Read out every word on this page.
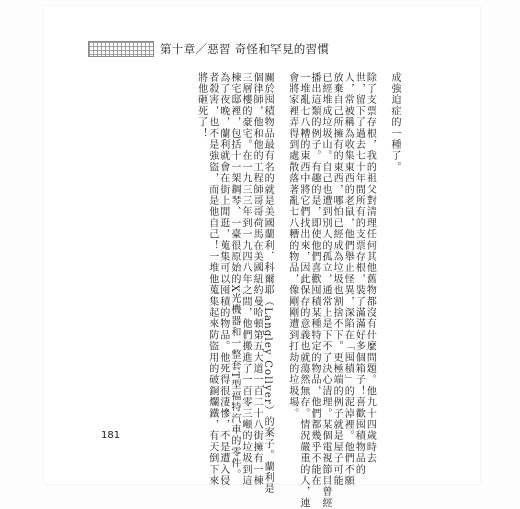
第十章／惡習 奇怪和罕見的習慣
成強迫症的一種了。
除了支票存根，我的祖父對清理任何其他舊物都沒有什麼問題。他九十四歲時去
世，留下了過去七十年間所有的支票存根，裝了滿滿好多個箱子！喜歡囤積物品的
人，常被稱為收集東西的老鼠，他們舉止怪異，深陷在「囤積」的泥淖裡。他們不願
放棄自己所擁有的東西，哪怕已經成為垃圾也割捨不下。更極端的例子就是屋子可能
已經堆成垃圾山。自己也遭到別人的孤立，通常上是下不了決心清理。某個電視節目曾經
播出這類的例子。有趣的是，即使他們喜歡囤積某種特定的物品，他們都幾乎不能在
一堆亂七八糟的東西中將它們找出來，因此保存的意義也就蕩然無存。情況嚴重的人，連
會將家裡弄得到處散落著亂七八糟的物品，像剛剛遭到打劫的垃圾場。
關於囤積物品最有名的就是美國蘭利．科爾耶（Langley Collyer）的案子。蘭利是
個律師，他和他的工程師哥哥荷馬在美國紐約曼哈頓第五大道一百二十八街擁有一棟
三層樓的豪宅。在一九三三年到一九四八年之間，他們搬進了一百零三噸的垃圾到這
棟宅邸裡，包括十一架鋼琴、一臺很原始的X光機器和一整套T型福特汽車的零件。
為了夜晚，蘭利就會在街上閒逛，蒐集可以囤積的物品。他死得很淒慘，不是遭入侵
者殺害，也不是強盜，而是他自己！一堆他蒐集起來防盜用的破銅爛鐵，有天倒下來
將他砸死了！
181
